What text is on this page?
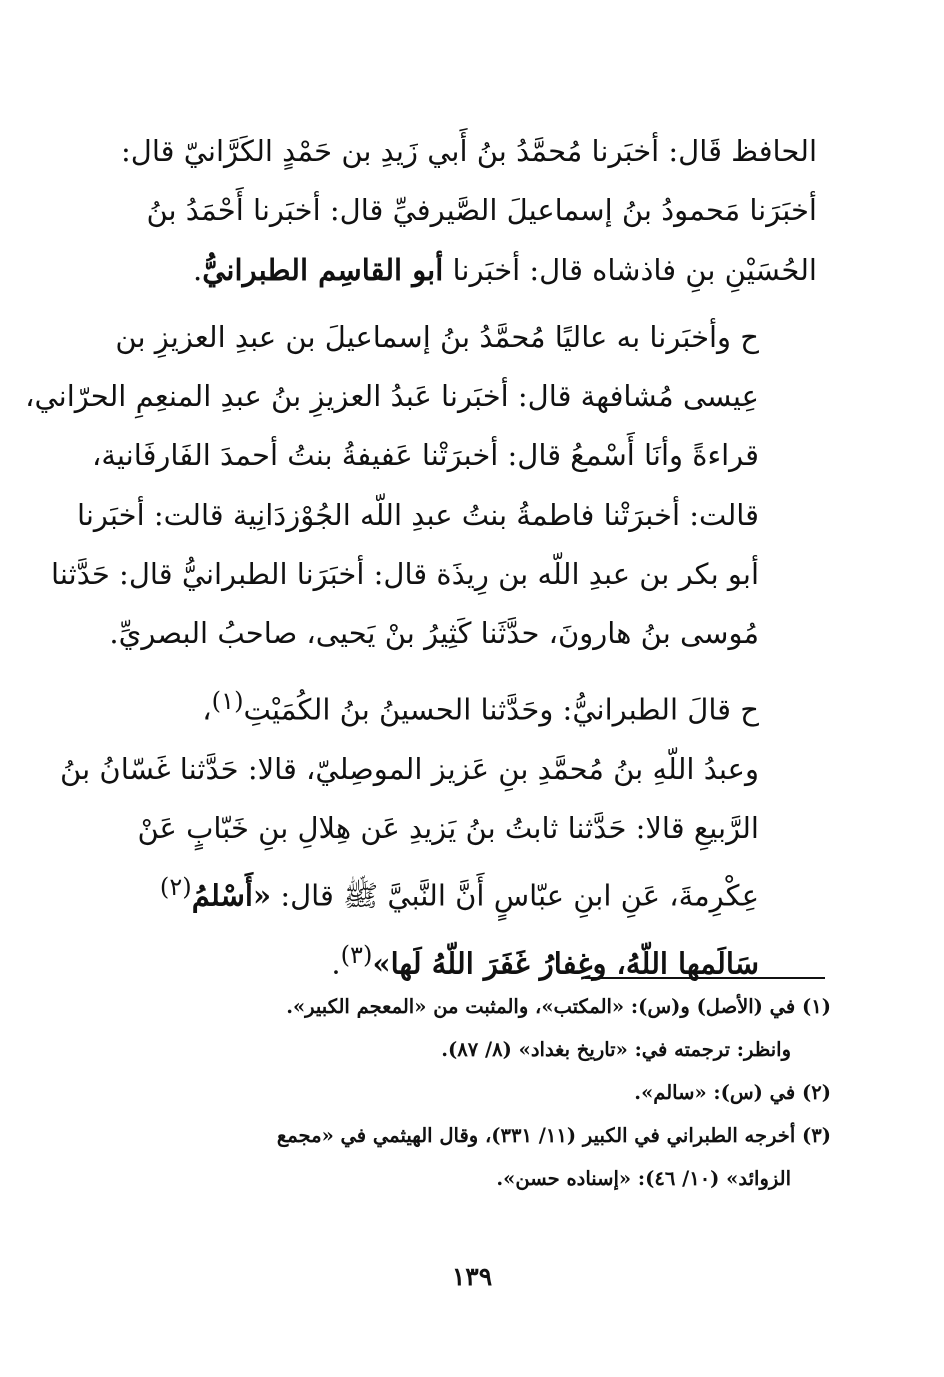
الحافظ قَال: أخبَرنا مُحمَّدُ بنُ أَبي زَيدِ بن حَمْدٍ الكَرَّانيّ قال:
أخبَرَنا مَحمودُ بنُ إسماعيلَ الصَّيرفيِّ قال: أخبَرنا أَحْمَدُ بنُ
الحُسَيْنِ بنِ فاذشاه قال: أخبَرنا أبو القاسِم الطبرانيُّ.
ح وأخبَرنا به عاليًا مُحمَّدُ بنُ إسماعيلَ بن عبدِ العزيزِ بن
عِيسى مُشافهة قال: أخبَرنا عَبدُ العزيزِ بنُ عبدِ المنعِمِ الحرّاني،
قراءةً وأنَا أَسْمعُ قال: أخبرَتْنا عَفيفةُ بنتُ أحمدَ الفَارفَانية،
قالت: أخبرَتْنا فاطمةُ بنتُ عبدِ اللّه الجُوْزدَانِية قالت: أخبَرنا
أبو بكر بن عبدِ اللّه بن رِيذَة قال: أخبَرَنا الطبرانيُّ قال: حَدَّثنا
مُوسى بنُ هارونَ، حدَّثَنا كَثِيرُ بنْ يَحيى، صاحبُ البصريِّ.
ح قالَ الطبرانيُّ: وحَدَّثنا الحسينُ بنُ الكُمَيْتِ$^{(١)}$،
وعبدُ اللّهِ بنُ مُحمَّدِ بنِ عَزيز الموصِليّ، قالا: حَدَّثنا غَسّانُ بنُ
الرَّبيعِ قالا: حَدَّثنا ثابتُ بنُ يَزيدِ عَن هِلالِ بنِ خَبّابٍ عَنْ
عِكْرِمةَ، عَنِ ابنِ عبّاسٍ أَنَّ النَّبيَّ ﷺ قال: «أَسْلمُ$^{(٢)}$
سَالَمها اللّهُ، وغِفارُ غَفَرَ اللّهُ لَها»$^{(٣)}$.
(١) في (الأصل) و(س): «المكتب»، والمثبت من «المعجم الكبير».
وانظر: ترجمته في: «تاريخ بغداد» (٨/ ٨٧).
(٢) في (س): «سالم».
(٣) أخرجه الطبراني في الكبير (١١/ ٣٣١)، وقال الهيثمي في «مجمع
الزوائد» (١٠/ ٤٦): «إسناده حسن».
١٣٩
